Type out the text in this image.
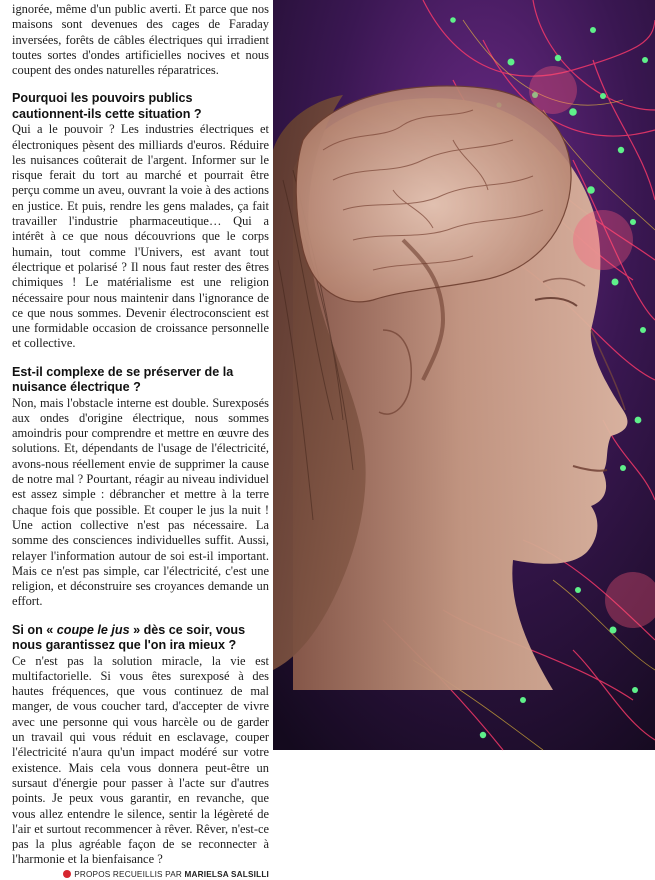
ignorée, même d'un public averti. Et parce que nos maisons sont devenues des cages de Faraday inversées, forêts de câbles électriques qui irradient toutes sortes d'ondes artificielles nocives et nous coupent des ondes naturelles réparatrices.

Pourquoi les pouvoirs publics cautionnent-ils cette situation ?

Qui a le pouvoir ? Les industries électriques et électroniques pèsent des milliards d'euros. Réduire les nuisances coûterait de l'argent. Informer sur le risque ferait du tort au marché et pourrait être perçu comme un aveu, ouvrant la voie à des actions en justice. Et puis, rendre les gens malades, ça fait travailler l'industrie pharmaceutique… Qui a intérêt à ce que nous découvrions que le corps humain, tout comme l'Univers, est avant tout électrique et polarisé ? Il nous faut rester des êtres chimiques ! Le matérialisme est une religion nécessaire pour nous maintenir dans l'ignorance de ce que nous sommes. Devenir électroconscient est une formidable occasion de croissance personnelle et collective.

Est-il complexe de se préserver de la nuisance électrique ?

Non, mais l'obstacle interne est double. Surexposés aux ondes d'origine électrique, nous sommes amoindris pour comprendre et mettre en œuvre des solutions. Et, dépendants de l'usage de l'électricité, avons-nous réellement envie de supprimer la cause de notre mal ? Pourtant, réagir au niveau individuel est assez simple : débrancher et mettre à la terre chaque fois que possible. Et couper le jus la nuit ! Une action collective n'est pas nécessaire. La somme des consciences individuelles suffit. Aussi, relayer l'information autour de soi est-il important. Mais ce n'est pas simple, car l'électricité, c'est une religion, et déconstruire ses croyances demande un effort.

Si on « coupe le jus » dès ce soir, vous nous garantissez que l'on ira mieux ?

Ce n'est pas la solution miracle, la vie est multifactorielle. Si vous êtes surexposé à des hautes fréquences, que vous continuez de mal manger, de vous coucher tard, d'accepter de vivre avec une personne qui vous harcèle ou de garder un travail qui vous réduit en esclavage, couper l'électricité n'aura qu'un impact modéré sur votre existence. Mais cela vous donnera peut-être un sursaut d'énergie pour passer à l'acte sur d'autres points. Je peux vous garantir, en revanche, que vous allez entendre le silence, sentir la légèreté de l'air et surtout recommencer à rêver. Rêver, n'est-ce pas la plus agréable façon de se reconnecter à l'harmonie et la bienfaisance ?

PROPOS RECUEILLIS PAR MARIELSA SALSILLI
